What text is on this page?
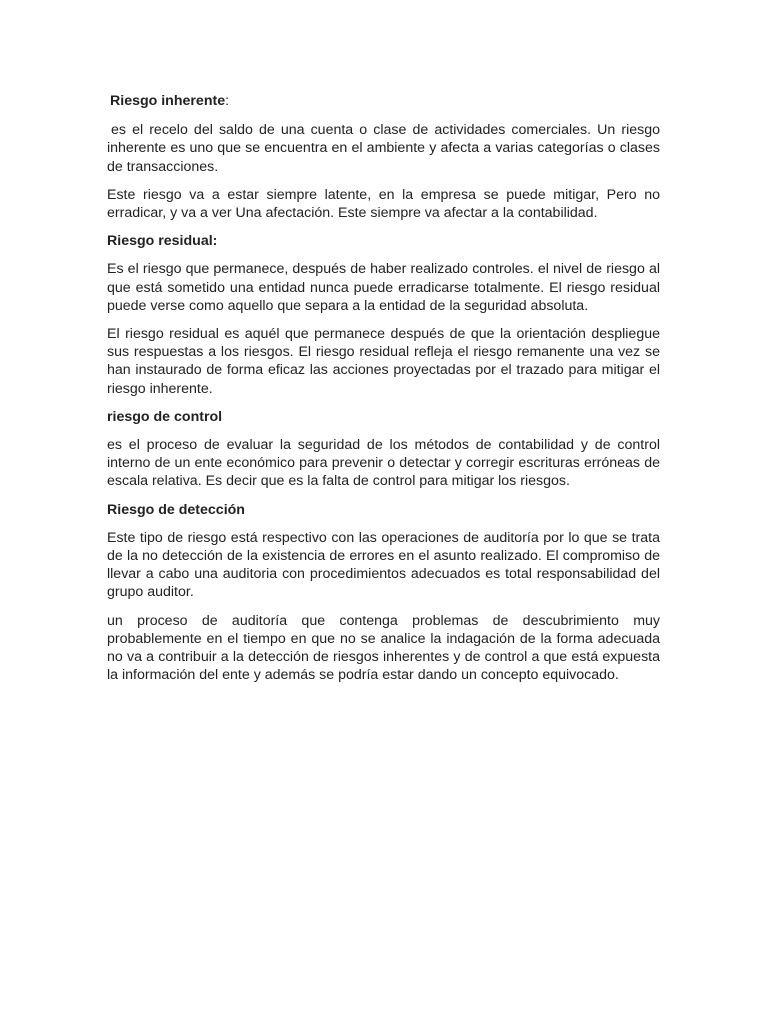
Riesgo inherente:

es el recelo del saldo de una cuenta o clase de actividades comerciales. Un riesgo inherente es uno que se encuentra en el ambiente y afecta a varias categorías o clases de transacciones.

Este riesgo va a estar siempre latente, en la empresa se puede mitigar, Pero no erradicar, y va a ver Una afectación. Este siempre va afectar a la contabilidad.

Riesgo residual:

Es el riesgo que permanece, después de haber realizado controles. el nivel de riesgo al que está sometido una entidad nunca puede erradicarse totalmente. El riesgo residual puede verse como aquello que separa a la entidad de la seguridad absoluta.

El riesgo residual es aquél que permanece después de que la orientación despliegue sus respuestas a los riesgos. El riesgo residual refleja el riesgo remanente una vez se han instaurado de forma eficaz las acciones proyectadas por el trazado para mitigar el riesgo inherente.

riesgo de control

es el proceso de evaluar la seguridad de los métodos de contabilidad y de control interno de un ente económico para prevenir o detectar y corregir escrituras erróneas de escala relativa. Es decir que es la falta de control para mitigar los riesgos.

Riesgo de detección

Este tipo de riesgo está respectivo con las operaciones de auditoría por lo que se trata de la no detección de la existencia de errores en el asunto realizado. El compromiso de llevar a cabo una auditoria con procedimientos adecuados es total responsabilidad del grupo auditor.

un proceso de auditoría que contenga problemas de descubrimiento muy probablemente en el tiempo en que no se analice la indagación de la forma adecuada no va a contribuir a la detección de riesgos inherentes y de control a que está expuesta la información del ente y además se podría estar dando un concepto equivocado.
